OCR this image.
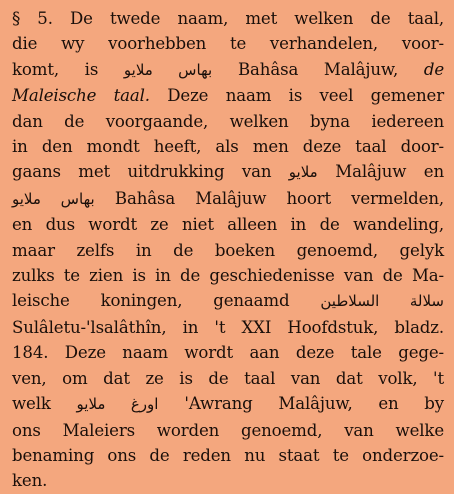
§ 5. De twede naam, met welken de taal,
die wy voorhebben te verhandelen, voor-
komt, is بهاس ملايو Bahâsa Malâjuw, de
Maleische taal. Deze naam is veel gemener
dan de voorgaande, welken byna iedereen
in den mondt heeft, als men deze taal door-
gaans met uitdrukking van ملايو Malâjuw en
بهاس ملايو Bahâsa Malâjuw hoort vermelden,
en dus wordt ze niet alleen in de wandeling,
maar zelfs in de boeken genoemd, gelyk
zulks te zien is in de geschiedenisse van de Ma-
leische koningen, genaamd سلالة السلاطين
Sulâletu-'lsalâthîn, in 't XXI Hoofdstuk, bladz.
184. Deze naam wordt aan deze tale gege-
ven, om dat ze is de taal van dat volk, 't
welk اورغ ملايو 'Awrang Malâjuw, en by
ons Maleiers worden genoemd, van welke
benaming ons de reden nu staat te onderzoe-
ken.
